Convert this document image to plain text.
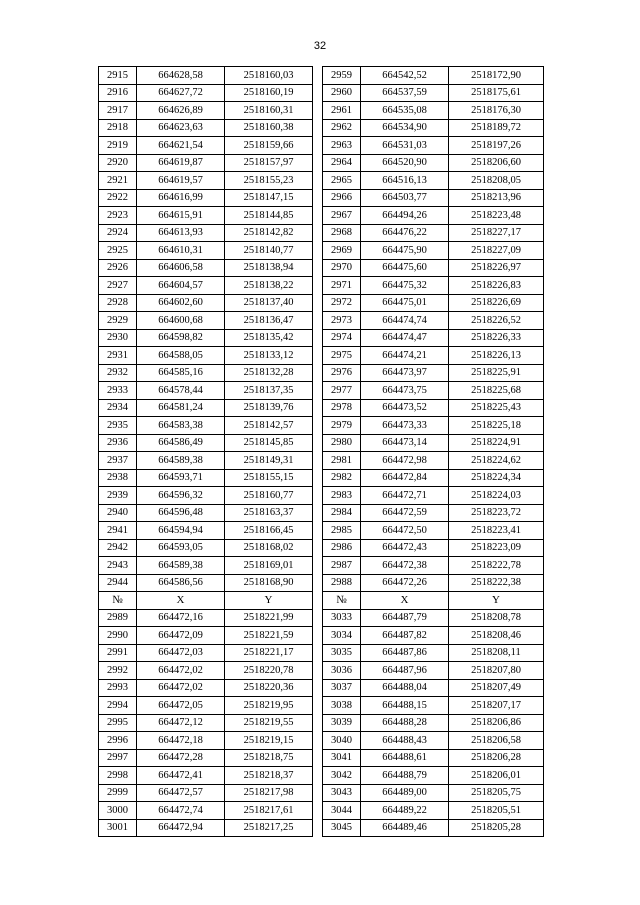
32
2915	664628,58	2518160,03		2959	664542,52	2518172,90
2916	664627,72	2518160,19		2960	664537,59	2518175,61
2917	664626,89	2518160,31		2961	664535,08	2518176,30
2918	664623,63	2518160,38		2962	664534,90	2518189,72
2919	664621,54	2518159,66		2963	664531,03	2518197,26
2920	664619,87	2518157,97		2964	664520,90	2518206,60
2921	664619,57	2518155,23		2965	664516,13	2518208,05
2922	664616,99	2518147,15		2966	664503,77	2518213,96
2923	664615,91	2518144,85		2967	664494,26	2518223,48
2924	664613,93	2518142,82		2968	664476,22	2518227,17
2925	664610,31	2518140,77		2969	664475,90	2518227,09
2926	664606,58	2518138,94		2970	664475,60	2518226,97
2927	664604,57	2518138,22		2971	664475,32	2518226,83
2928	664602,60	2518137,40		2972	664475,01	2518226,69
2929	664600,68	2518136,47		2973	664474,74	2518226,52
2930	664598,82	2518135,42		2974	664474,47	2518226,33
2931	664588,05	2518133,12		2975	664474,21	2518226,13
2932	664585,16	2518132,28		2976	664473,97	2518225,91
2933	664578,44	2518137,35		2977	664473,75	2518225,68
2934	664581,24	2518139,76		2978	664473,52	2518225,43
2935	664583,38	2518142,57		2979	664473,33	2518225,18
2936	664586,49	2518145,85		2980	664473,14	2518224,91
2937	664589,38	2518149,31		2981	664472,98	2518224,62
2938	664593,71	2518155,15		2982	664472,84	2518224,34
2939	664596,32	2518160,77		2983	664472,71	2518224,03
2940	664596,48	2518163,37		2984	664472,59	2518223,72
2941	664594,94	2518166,45		2985	664472,50	2518223,41
2942	664593,05	2518168,02		2986	664472,43	2518223,09
2943	664589,38	2518169,01		2987	664472,38	2518222,78
2944	664586,56	2518168,90		2988	664472,26	2518222,38
№	X	Y		№	X	Y
2989	664472,16	2518221,99		3033	664487,79	2518208,78
2990	664472,09	2518221,59		3034	664487,82	2518208,46
2991	664472,03	2518221,17		3035	664487,86	2518208,11
2992	664472,02	2518220,78		3036	664487,96	2518207,80
2993	664472,02	2518220,36		3037	664488,04	2518207,49
2994	664472,05	2518219,95		3038	664488,15	2518207,17
2995	664472,12	2518219,55		3039	664488,28	2518206,86
2996	664472,18	2518219,15		3040	664488,43	2518206,58
2997	664472,28	2518218,75		3041	664488,61	2518206,28
2998	664472,41	2518218,37		3042	664488,79	2518206,01
2999	664472,57	2518217,98		3043	664489,00	2518205,75
3000	664472,74	2518217,61		3044	664489,22	2518205,51
3001	664472,94	2518217,25		3045	664489,46	2518205,28
